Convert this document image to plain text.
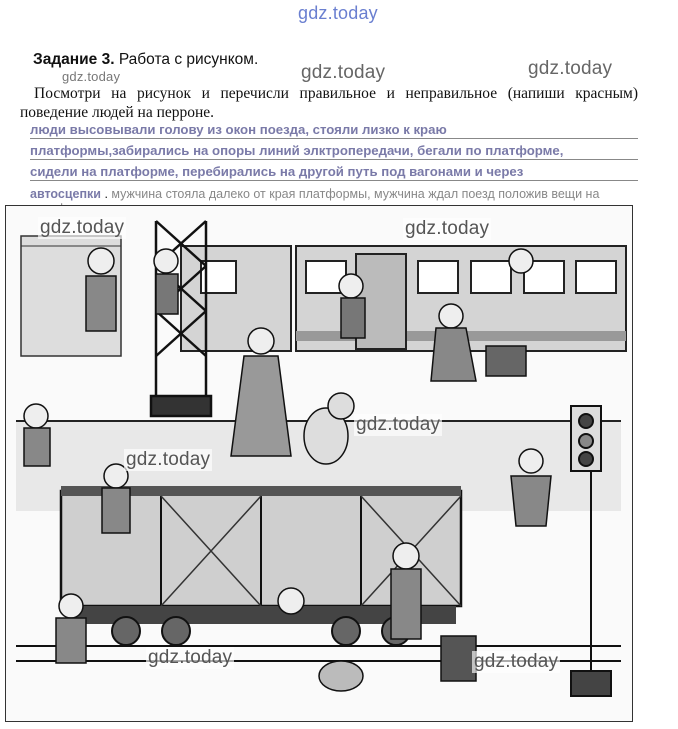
gdz.today
Задание 3. Работа с рисунком.
gdz.today	gdz.today	gdz.today
Посмотри на рисунок и перечисли правильное и неправильное (напиши красным) поведение людей на перроне.
люди высовывали голову из окон поезда, стояли лизко к краю
платформы,забирались на опоры линий элктропередачи, бегали по платформе,
сидели на платформе, перебирались на другой путь под вагонами и через
автосцепки . мужчина стояла далеко от края платформы, мужчина ждал поезд положив вещи на
gdz.today	gdz.today
gdz.today
gdz.today
gdz.today	gdz.today
